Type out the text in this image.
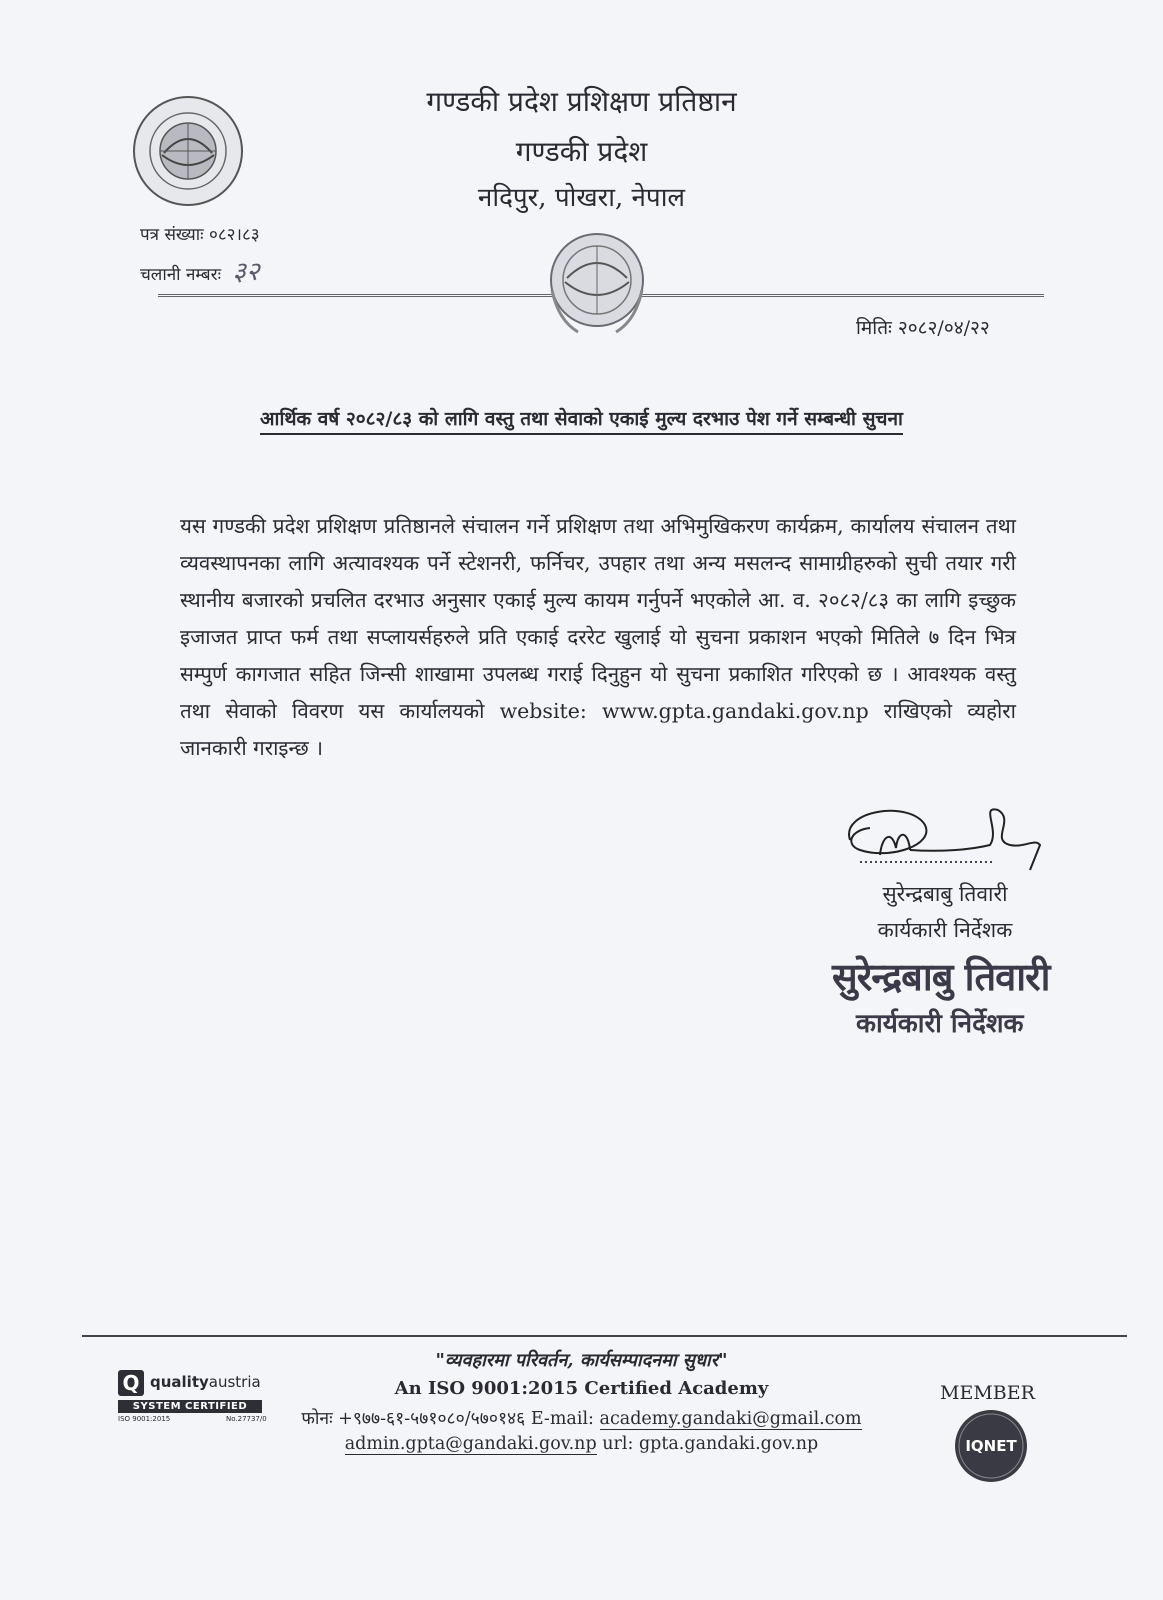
गण्डकी प्रदेश प्रशिक्षण प्रतिष्ठान
गण्डकी प्रदेश
नदिपुर, पोखरा, नेपाल
पत्र संख्याः ०८२।८३
चलानी नम्बरः ३२
मितिः २०८२/०४/२२
आर्थिक वर्ष २०८२/८३ को लागि वस्तु तथा सेवाको एकाई मुल्य दरभाउ पेश गर्ने सम्बन्धी सुचना
यस गण्डकी प्रदेश प्रशिक्षण प्रतिष्ठानले संचालन गर्ने प्रशिक्षण तथा अभिमुखिकरण कार्यक्रम, कार्यालय संचालन तथा व्यवस्थापनका लागि अत्यावश्यक पर्ने स्टेशनरी, फर्निचर, उपहार तथा अन्य मसलन्द सामाग्रीहरुको सुची तयार गरी स्थानीय बजारको प्रचलित दरभाउ अनुसार एकाई मुल्य कायम गर्नुपर्ने भएकोले आ. व. २०८२/८३ का लागि इच्छुक इजाजत प्राप्त फर्म तथा सप्लायर्सहरुले प्रति एकाई दररेट खुलाई यो सुचना प्रकाशन भएको मितिले ७ दिन भित्र सम्पुर्ण कागजात सहित जिन्सी शाखामा उपलब्ध गराई दिनुहुन यो सुचना प्रकाशित गरिएको छ । आवश्यक वस्तु तथा सेवाको विवरण यस कार्यालयको website: www.gpta.gandaki.gov.np राखिएको व्यहोरा जानकारी गराइन्छ ।
सुरेन्द्रबाबु तिवारी
कार्यकारी निर्देशक
सुरेन्द्रबाबु तिवारी
कार्यकारी निर्देशक
Q qualityaustria
SYSTEM CERTIFIED
ISO 9001:2015	No.27737/0
"व्यवहारमा परिवर्तन, कार्यसम्पादनमा सुधार"
An ISO 9001:2015 Certified Academy
फोनः +९७७-६१-५७१०८०/५७०१४६ E-mail: academy.gandaki@gmail.com
admin.gpta@gandaki.gov.np url: gpta.gandaki.gov.np
MEMBER
IQNET
